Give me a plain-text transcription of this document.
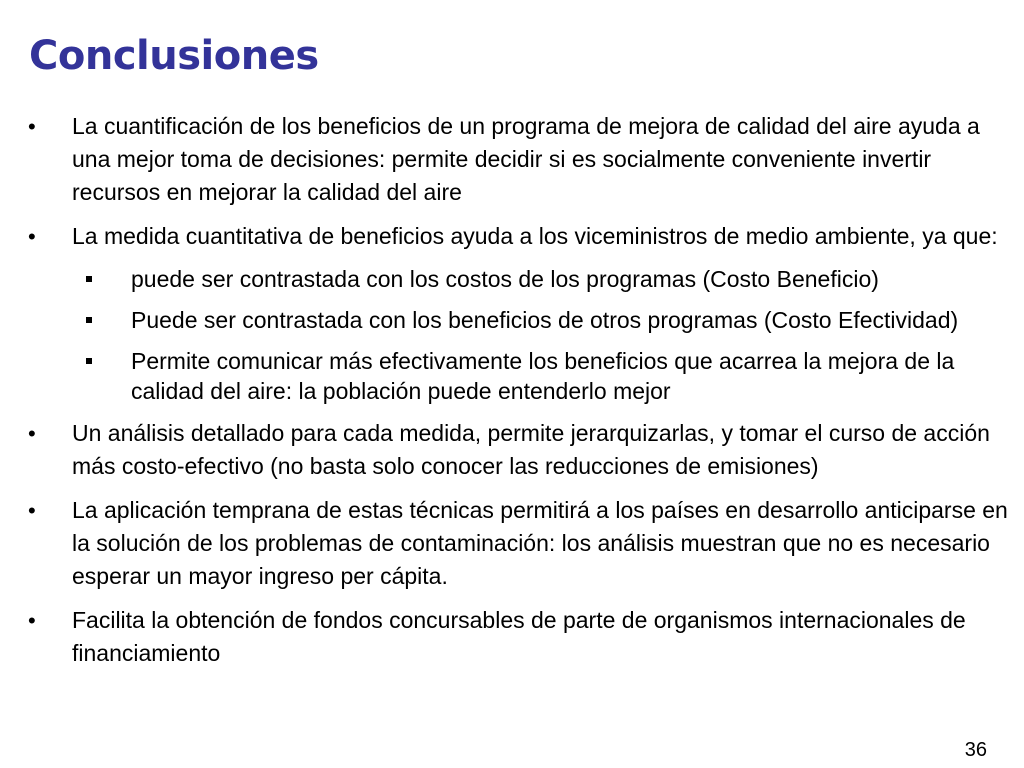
Conclusiones
• La cuantificación de los beneficios de un programa de mejora de calidad del aire ayuda a una mejor toma de decisiones: permite decidir si es socialmente conveniente invertir recursos en mejorar la calidad del aire
• La medida cuantitativa de beneficios ayuda a los viceministros de medio ambiente, ya que:
puede ser contrastada con los costos de los programas (Costo Beneficio)
Puede ser contrastada con los beneficios de otros programas (Costo Efectividad)
Permite comunicar más efectivamente los beneficios que acarrea la mejora de la calidad del aire: la población puede entenderlo mejor
• Un análisis detallado para cada medida, permite jerarquizarlas, y tomar el curso de acción más costo-efectivo (no basta solo conocer las reducciones de emisiones)
• La aplicación temprana de estas técnicas permitirá a los países en desarrollo anticiparse en la solución de los problemas de contaminación: los análisis muestran que no es necesario esperar un mayor ingreso per cápita.
• Facilita la obtención de fondos concursables de parte de organismos internacionales de financiamiento
36
